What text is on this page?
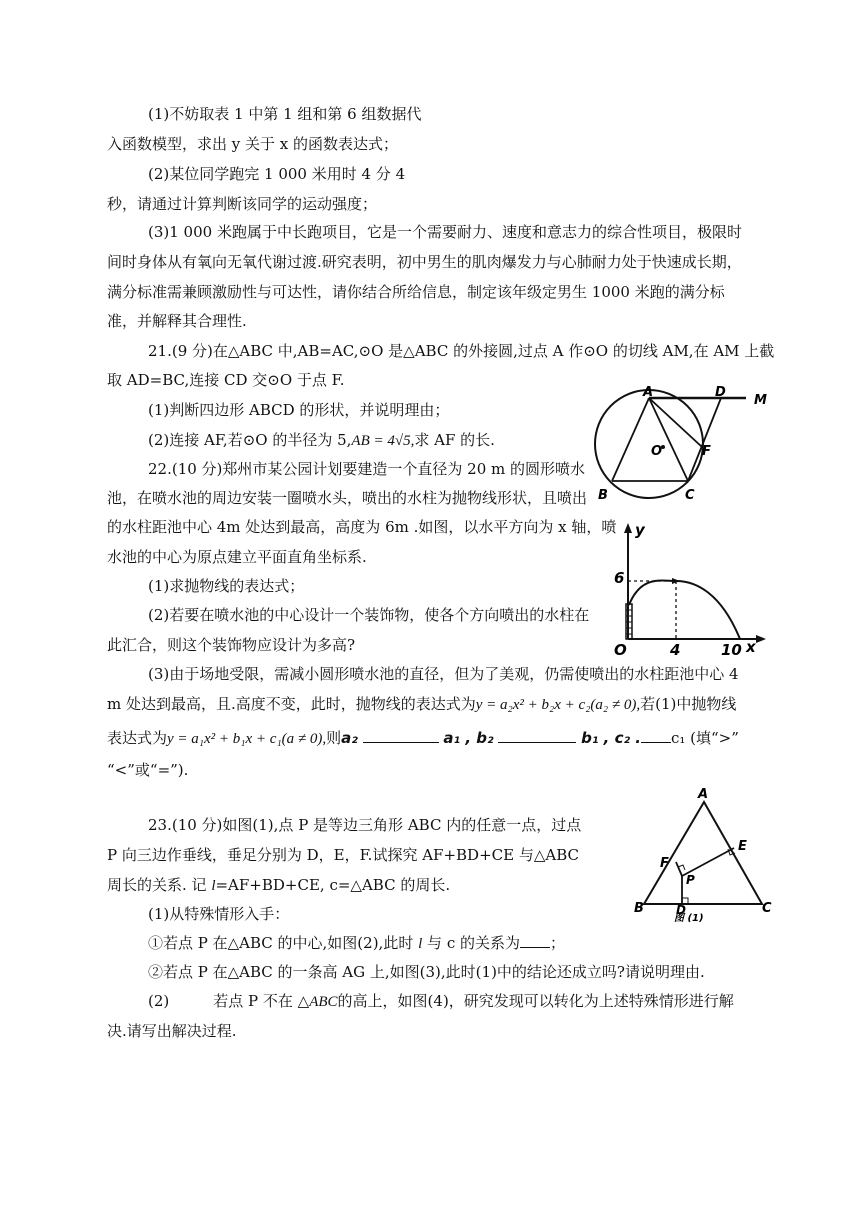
(1)不妨取表 1 中第 1 组和第 6 组数据代
入函数模型，求出 y 关于 x 的函数表达式；
(2)某位同学跑完 1 000 米用时 4 分 4
秒，请通过计算判断该同学的运动强度；
(3)1 000 米跑属于中长跑项目，它是一个需要耐力、速度和意志力的综合性项目，极限时
间时身体从有氧向无氧代谢过渡.研究表明，初中男生的肌肉爆发力与心肺耐力处于快速成长期，
满分标准需兼顾激励性与可达性，请你结合所给信息，制定该年级定男生 1000 米跑的满分标
准，并解释其合理性.
21.(9 分)在△ABC 中,AB=AC,⊙O 是△ABC 的外接圆,过点 A 作⊙O 的切线 AM,在 AM 上截
取 AD=BC,连接 CD 交⊙O 于点 F.
(1)判断四边形 ABCD 的形状，并说明理由；
(2)连接 AF,若⊙O 的半径为 5,AB = 4√5,求 AF 的长.
A	D
M
O	F
B	C
22.(10 分)郑州市某公园计划要建造一个直径为 20 m 的圆形喷水
池，在喷水池的周边安装一圈喷水头，喷出的水柱为抛物线形状，且喷出
的水柱距池中心 4m 处达到最高，高度为 6m .如图，以水平方向为 x 轴，喷
水池的中心为原点建立平面直角坐标系.
(1)求抛物线的表达式；
(2)若要在喷水池的中心设计一个装饰物，使各个方向喷出的水柱在
此汇合，则这个装饰物应设计为多高?
y
x
6
4	10
O
(3)由于场地受限，需减小圆形喷水池的直径，但为了美观，仍需使喷出的水柱距池中心 4
m 处达到最高，且.高度不变，此时，抛物线的表达式为y = a₂x² + b₂x + c₂(a₂ ≠ 0),若(1)中抛物线
表达式为y = a₁x² + b₁x + c₁(a ≠ 0),则a₂	a₁ , b₂	b₁ , c₂ . c₁ (填“>”
“<”或“=”).
23.(10 分)如图(1),点 P 是等边三角形 ABC 内的任意一点，过点
P 向三边作垂线，垂足分别为 D，E，F.试探究 AF+BD+CE 与△ABC
周长的关系. 记 l=AF+BD+CE, c=△ABC 的周长.
(1)从特殊情形入手：
①若点 P 在△ABC 的中心,如图(2),此时 l 与 c 的关系为 ；
②若点 P 在△ABC 的一条高 AG 上,如图(3),此时(1)中的结论还成立吗?请说明理由.
(2)	若点 P 不在 △ABC的高上，如图(4)，研究发现可以转化为上述特殊情形进行解
决.请写出解决过程.
A
E
F
P
B	D	C
图 (1)
